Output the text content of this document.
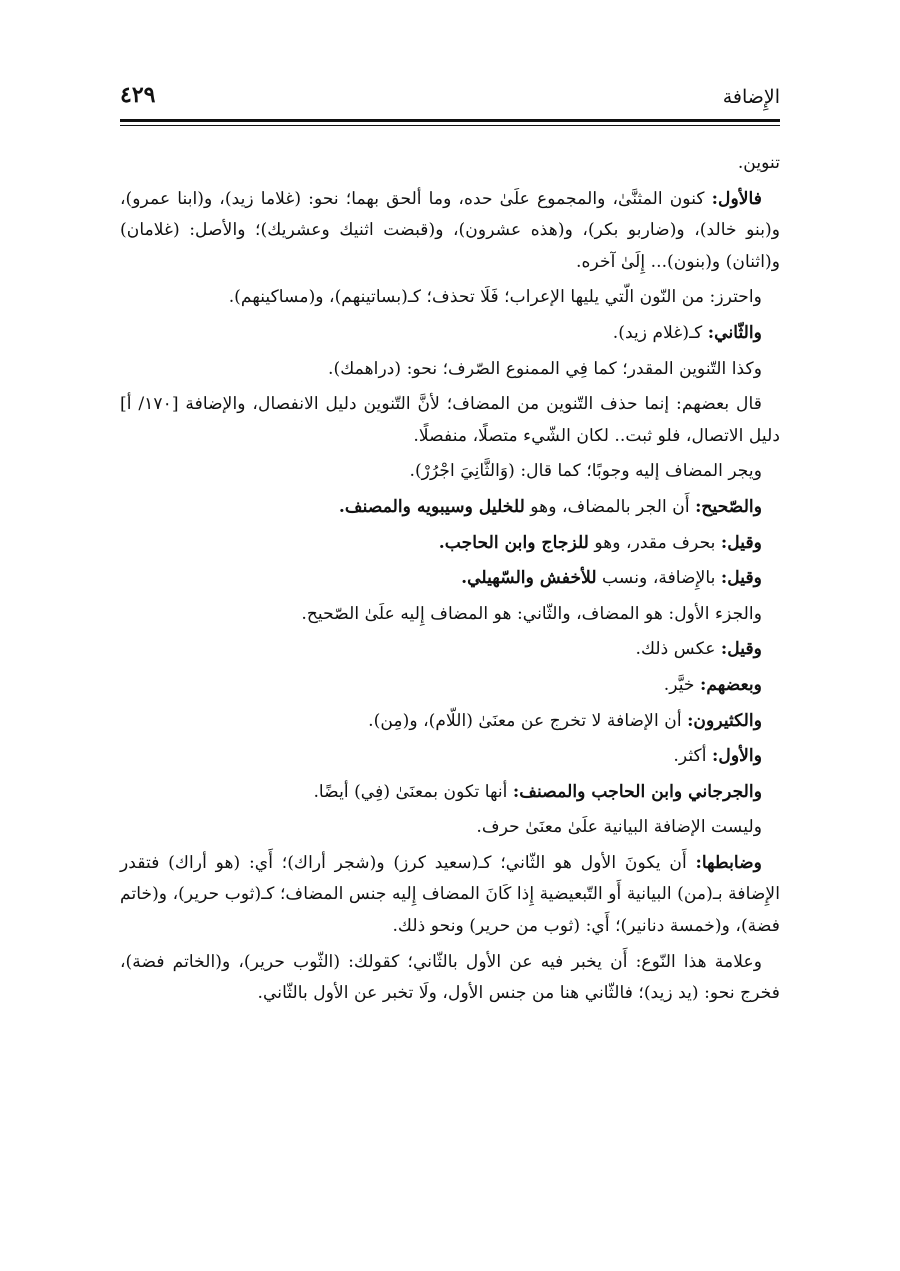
الإِضافة
٤٢٩

تنوين.

فالأول: كنون المثنَّىٰ، والمجموع علَىٰ حده، وما ألحق بهما؛ نحو: (غلاما زيد)، و(ابنا عمرو)، و(بنو خالد)، و(ضاربو بكر)، و(هذه عشرون)، و(قبضت اثنيك وعشريك)؛ والأصل: (غلامان) و(اثنان) و(بنون)... إِلَىٰ آخره.

واحترز: من النّون الّتي يليها الإعراب؛ فَلَا تحذف؛ كـ(بساتينهم)، و(مساكينهم).

والثّاني: كـ(غلام زيد).

وكذا التّنوين المقدر؛ كما فِي الممنوع الصّرف؛ نحو: (دراهمك).

قال بعضهم: إنما حذف التّنوين من المضاف؛ لأنَّ التّنوين دليل الانفصال، والإضافة [١٧٠/ أ] دليل الاتصال، فلو ثبت.. لكان الشّيء متصلًا، منفصلًا.

ويجر المضاف إليه وجوبًا؛ كما قال: (وَالثَّانِيَ اجْرُرْ).

والصّحيح: أَن الجر بالمضاف، وهو للخليل وسيبويه والمصنف.

وقيل: بحرف مقدر، وهو للزجاج وابن الحاجب.

وقيل: بالإِضافة، ونسب للأخفش والسّهيلي.

والجزء الأول: هو المضاف، والثّاني: هو المضاف إِليه علَىٰ الصّحيح.

وقيل: عكس ذلك.

وبعضهم: خيَّر.

والكثيرون: أن الإضافة لا تخرج عن معنَىٰ (اللّام)، و(مِن).

والأول: أكثر.

والجرجاني وابن الحاجب والمصنف: أنها تكون بمعنَىٰ (فِي) أيضًا.

وليست الإضافة البيانية علَىٰ معنَىٰ حرف.

وضابطها: أَن يكونَ الأول هو الثّاني؛ كـ(سعيد كرز) و(شجر أراك)؛ أَي: (هو أراك) فتقدر الإِضافة بـ(من) البيانية أَو التّبعيضية إِذا كَانَ المضاف إِليه جنس المضاف؛ كـ(ثوب حرير)، و(خاتم فضة)، و(خمسة دنانير)؛ أَي: (ثوب من حرير) ونحو ذلك.

وعلامة هذا النّوع: أَن يخبر فيه عن الأول بالثّاني؛ كقولك: (الثّوب حرير)، و(الخاتم فضة)، فخرج نحو: (يد زيد)؛ فالثّاني هنا من جنس الأول، ولَا تخبر عن الأول بالثّاني.
